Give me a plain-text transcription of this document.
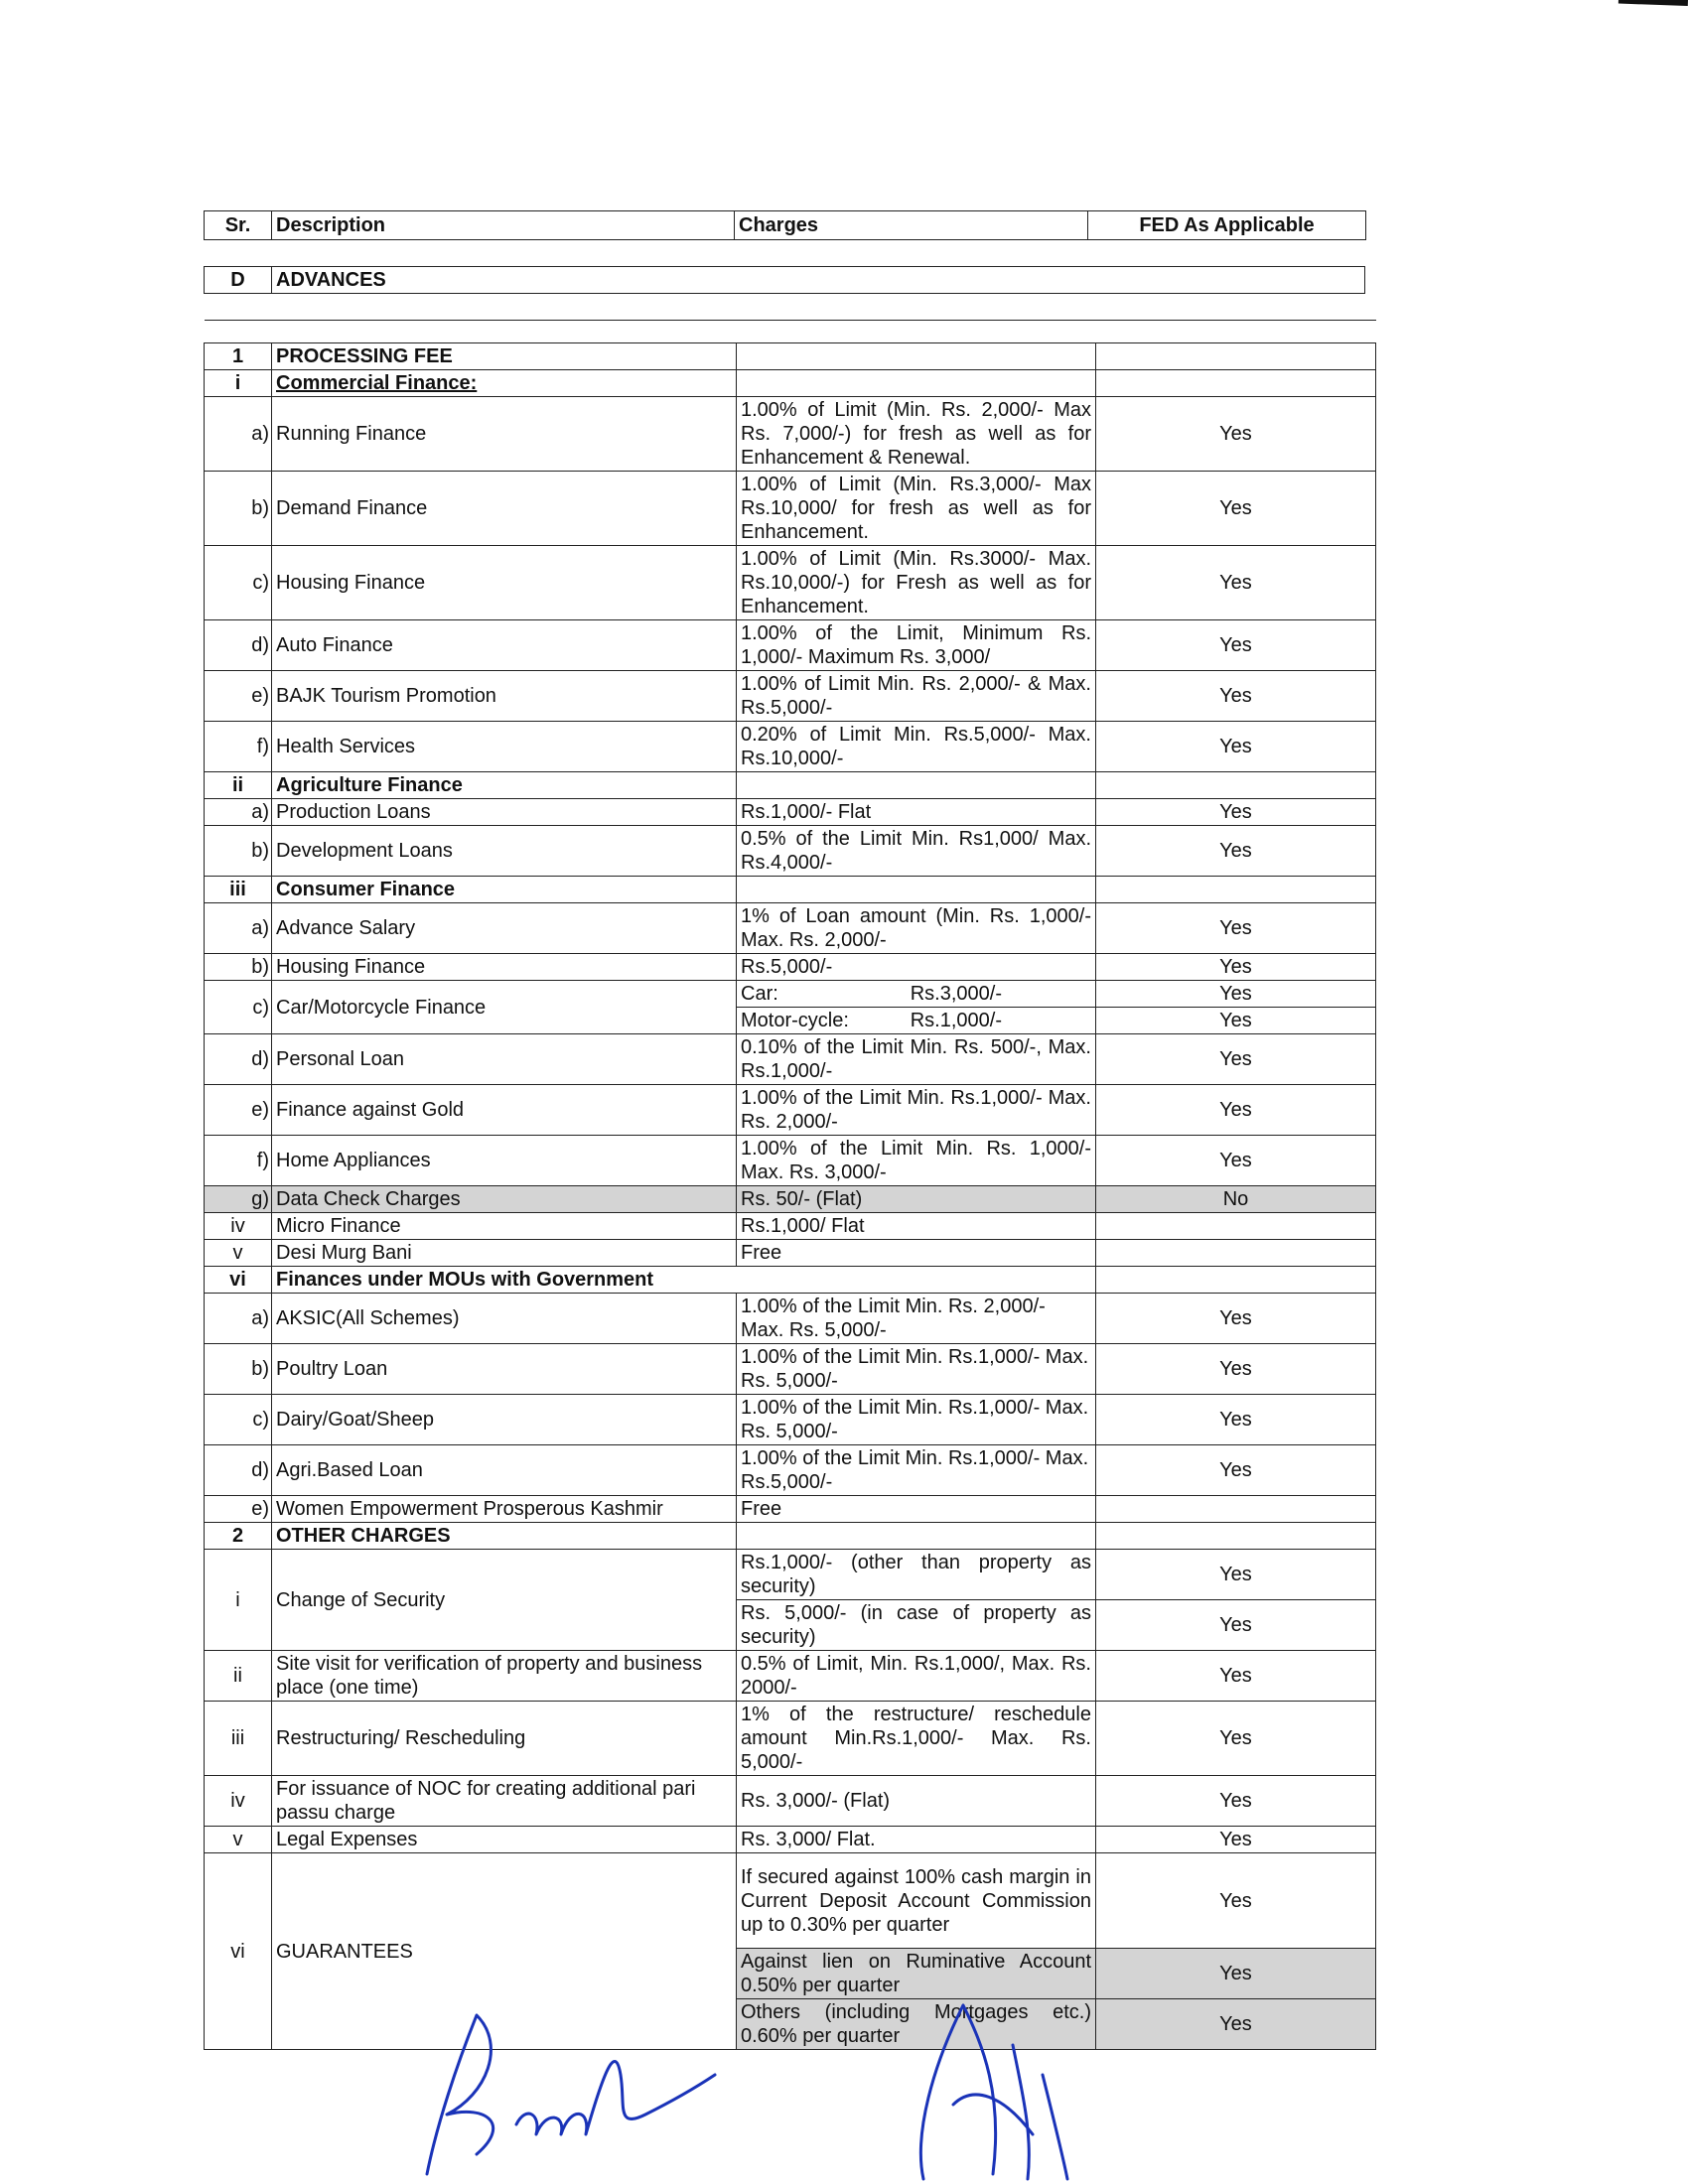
Sr.	Description	Charges	FED As Applicable
D	ADVANCES

1	PROCESSING FEE		
i	Commercial Finance:		
a)	Running Finance	1.00% of Limit (Min. Rs. 2,000/- Max Rs. 7,000/-) for fresh as well as for Enhancement & Renewal.	Yes
b)	Demand Finance	1.00% of Limit (Min. Rs.3,000/- Max Rs.10,000/ for fresh as well as for Enhancement.	Yes
c)	Housing Finance	1.00% of Limit (Min. Rs.3000/- Max. Rs.10,000/-) for Fresh as well as for Enhancement.	Yes
d)	Auto Finance	1.00% of the Limit, Minimum Rs. 1,000/- Maximum Rs. 3,000/	Yes
e)	BAJK Tourism Promotion	1.00% of Limit Min. Rs. 2,000/- & Max. Rs.5,000/-	Yes
f)	Health Services	0.20% of Limit Min. Rs.5,000/- Max. Rs.10,000/-	Yes
ii	Agriculture Finance		
a)	Production Loans	Rs.1,000/- Flat	Yes
b)	Development Loans	0.5% of the Limit Min. Rs1,000/ Max. Rs.4,000/-	Yes
iii	Consumer Finance		
a)	Advance Salary	1% of Loan amount (Min. Rs. 1,000/- Max. Rs. 2,000/-	Yes
b)	Housing Finance	Rs.5,000/-	Yes
c)	Car/Motorcycle Finance	Car: Rs.3,000/-	Yes

		Motor-cycle: Rs.1,000/-	Yes
d)	Personal Loan	0.10% of the Limit Min. Rs. 500/-, Max. Rs.1,000/-	Yes
e)	Finance against Gold	1.00% of the Limit Min. Rs.1,000/- Max. Rs. 2,000/-	Yes
f)	Home Appliances	1.00% of the Limit Min. Rs. 1,000/- Max. Rs. 3,000/-	Yes
g)	Data Check Charges	Rs. 50/- (Flat)	No
iv	Micro Finance	Rs.1,000/ Flat	
v	Desi Murg Bani	Free	
vi	Finances under MOUs with Government		
a)	AKSIC(All Schemes)	1.00% of the Limit Min. Rs. 2,000/- Max. Rs. 5,000/-	Yes
b)	Poultry Loan	1.00% of the Limit Min. Rs.1,000/- Max. Rs. 5,000/-	Yes
c)	Dairy/Goat/Sheep	1.00% of the Limit Min. Rs.1,000/- Max. Rs. 5,000/-	Yes
d)	Agri.Based Loan	1.00% of the Limit Min. Rs.1,000/- Max. Rs.5,000/-	Yes
e)	Women Empowerment Prosperous Kashmir	Free	
2	OTHER CHARGES		
i	Change of Security	Rs.1,000/- (other than property as security)	Yes
		Rs. 5,000/- (in case of property as security)	Yes
ii	Site visit for verification of property and business place (one time)	0.5% of Limit, Min. Rs.1,000/, Max. Rs. 2000/-	Yes
iii	Restructuring/ Rescheduling	1% of the restructure/ reschedule amount Min.Rs.1,000/- Max. Rs. 5,000/-	Yes
iv	For issuance of NOC for creating additional pari passu charge	Rs. 3,000/- (Flat)	Yes
v	Legal Expenses	Rs. 3,000/ Flat.	Yes
vi	GUARANTEES	If secured against 100% cash margin in Current Deposit Account Commission up to 0.30% per quarter	Yes
		Against lien on Ruminative Account 0.50% per quarter	Yes
		Others (including Mortgages etc.) 0.60% per quarter	Yes
